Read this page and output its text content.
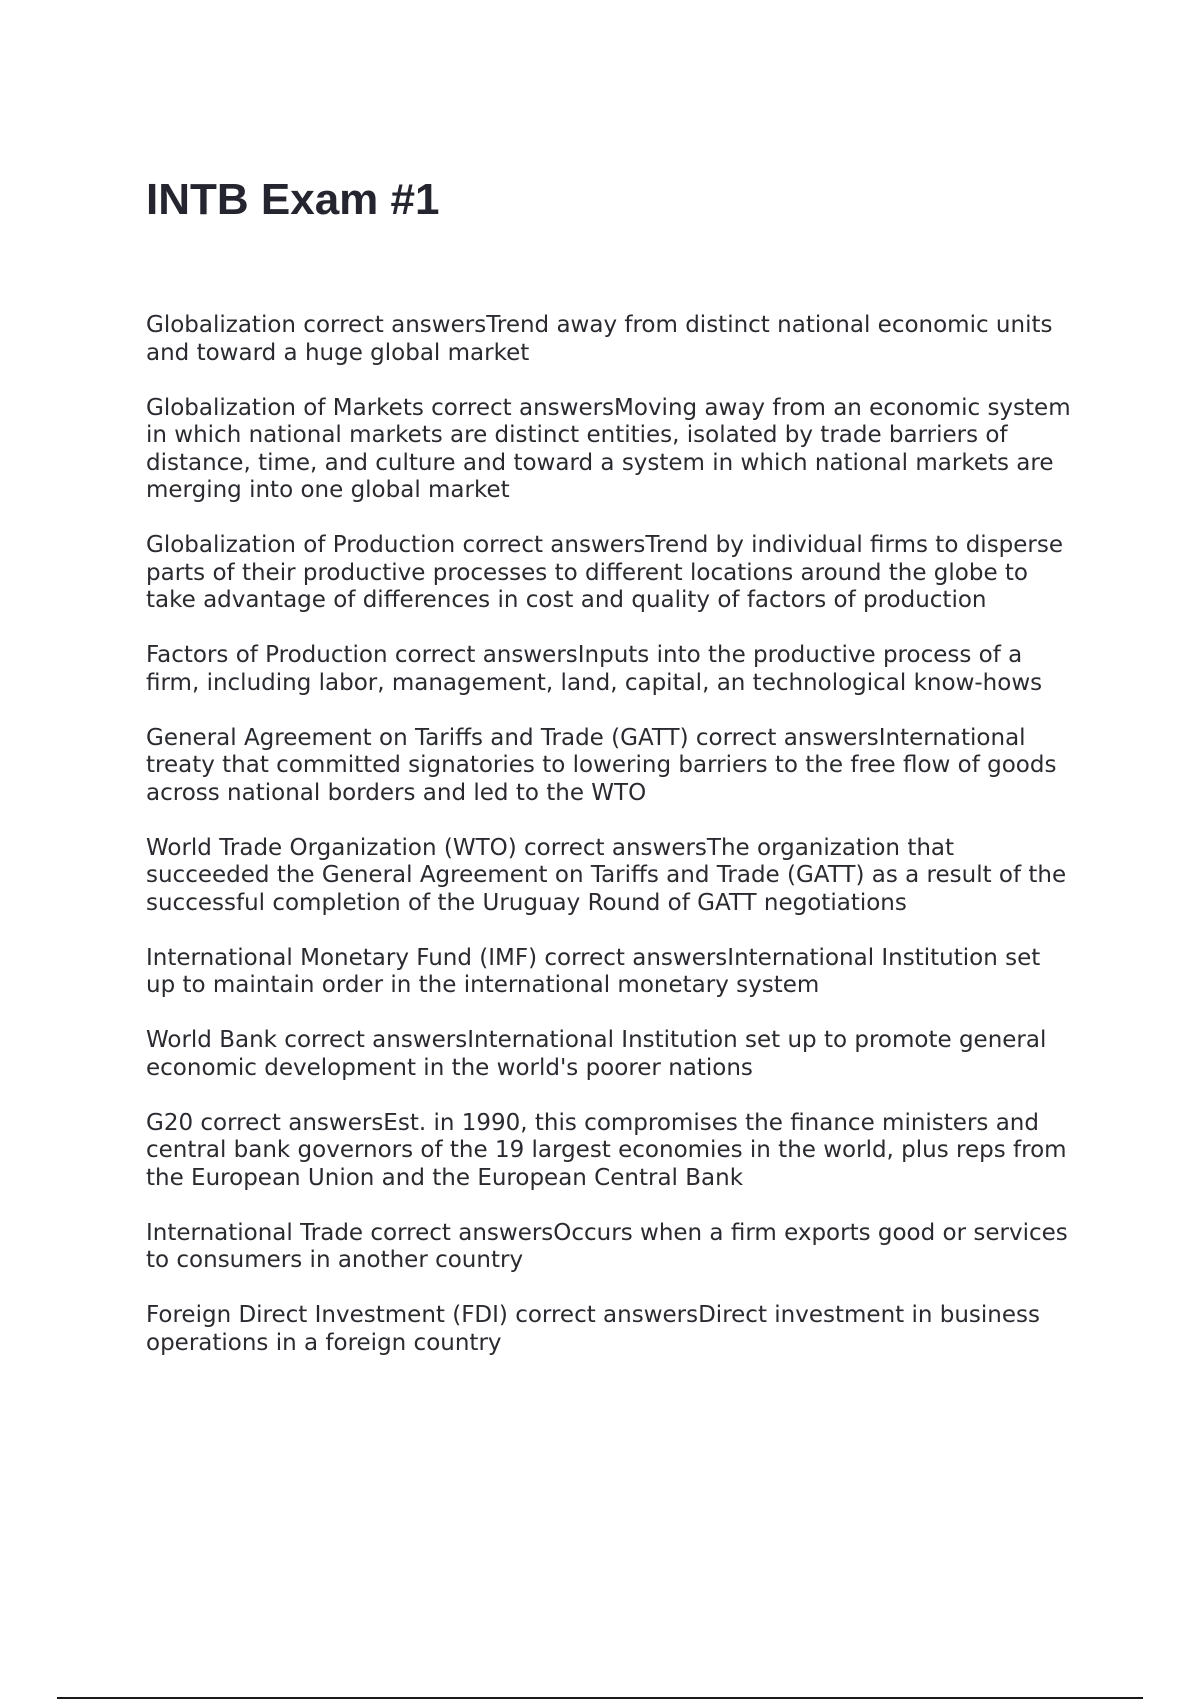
INTB Exam #1
Globalization correct answersTrend away from distinct national economic units and toward a huge global market
Globalization of Markets correct answersMoving away from an economic system in which national markets are distinct entities, isolated by trade barriers of distance, time, and culture and toward a system in which national markets are merging into one global market
Globalization of Production correct answersTrend by individual firms to disperse parts of their productive processes to different locations around the globe to take advantage of differences in cost and quality of factors of production
Factors of Production correct answersInputs into the productive process of a firm, including labor, management, land, capital, an technological know-hows
General Agreement on Tariffs and Trade (GATT) correct answersInternational treaty that committed signatories to lowering barriers to the free flow of goods across national borders and led to the WTO
World Trade Organization (WTO) correct answersThe organization that succeeded the General Agreement on Tariffs and Trade (GATT) as a result of the successful completion of the Uruguay Round of GATT negotiations
International Monetary Fund (IMF) correct answersInternational Institution set up to maintain order in the international monetary system
World Bank correct answersInternational Institution set up to promote general economic development in the world's poorer nations
G20 correct answersEst. in 1990, this compromises the finance ministers and central bank governors of the 19 largest economies in the world, plus reps from the European Union and the European Central Bank
International Trade correct answersOccurs when a firm exports good or services to consumers in another country
Foreign Direct Investment (FDI) correct answersDirect investment in business operations in a foreign country
